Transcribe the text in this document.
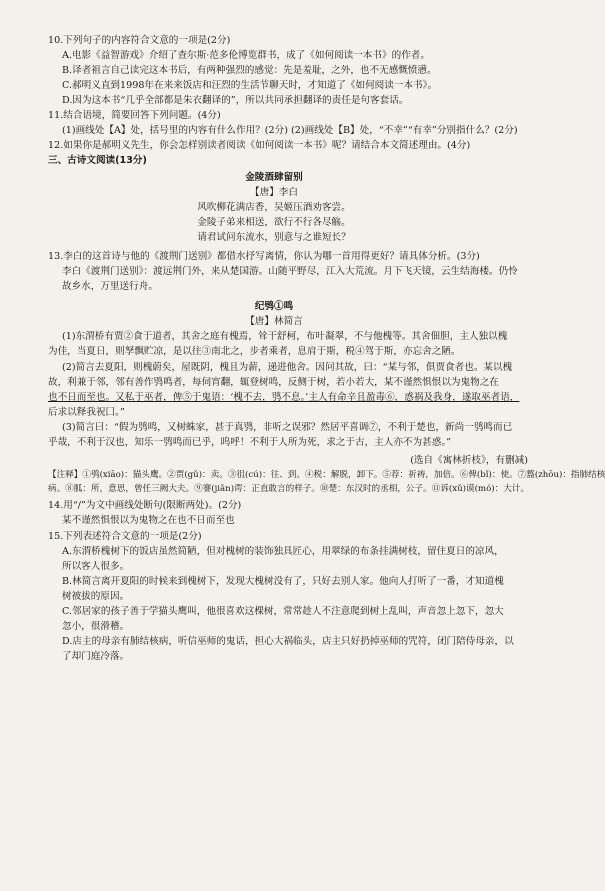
10.下列句子的内容符合文意的一项是(2分)
A.电影《益智游戏》介绍了查尔斯·范多伦博览群书，成了《如何阅读一本书》的作者。
B.译者祖言自己读完这本书后，有两种强烈的感觉：先是羞耻，之外，也不无感慨愤懑。
C.郝明义直到1998年在来来饭店和汪烈的生活节聊天时，才知道了《如何阅读一本书》。
D.因为这本书“几乎全部都是朱衣翻译的”，所以共同承担翻译的责任是句客套话。
11.结合语境，简要回答下列问题。(4分)
(1)画线处【A】处，括号里的内容有什么作用？(2分) (2)画线处【B】处，“不幸”“有幸”分别指什么？(2分)
12.如果你是郝明义先生，你会怎样别读者阅读《如何阅读一本书》呢？请结合本文简述理由。(4分)
三、古诗文阅读(13分)
金陵酒肆留别
【唐】李白
风吹柳花满店香，吴姬压酒劝客尝。
金陵子弟来相送，欲行不行各尽觞。
请君试问东流水，别意与之谁短长？
13.李白的这首诗与他的《渡荆门送别》都借水抒写离情，你认为哪一首用得更好？请具体分析。(3分)
李白《渡荆门送别》：渡远荆门外，来从楚国游。山随平野尽，江入大荒流。月下飞天镜，云生结海楼。仍怜
故乡水，万里送行舟。
纪鸮①鸣
【唐】林简言
(1)东渭桥有贾②食于道者，其舍之庭有槐焉，耸干舒柯，布叶凝翠，不与他槐等。其舍佃胆，主人独以槐
为佳，当夏日，则孥飘贮凉，是以往③南北之，步者乘者，息肩于斯，税④驾于斯，亦忘舍之陋。
(2)简言去夏阳，则槐蔚矣，屋既阴，槐且为薪，递进他舍。因问其故，曰：“某与邻，俱贾食者也。某以槐
故，利兼于邻，邻有善作鸮鸣者，每伺宵翻，辄登树鸣，反侧于树，若小若大，某不谨然惧恨以为鬼物之在
也不日而至也。又私于巫者，俾⑤于鬼语：‘槐不去，鸮不息。’主人有命辛且盈毒⑥，惑祸及我身，遂取巫者语，
后求以释我祝囗。”
(3)简言曰：“假为鸮鸣，又树蛛家，甚于真鸮，非听之误邪？然居平喜调⑦，不利于楚也，新尚一鸮鸣而已
乎哉，不利于汉也，知乐一鸮鸣而已乎，呜呼！不利于人所为死，求之于古，主人亦不为甚惑。”
(选自《寓林折枝》，有删减)
【注释】①鸮(xiāo)：猫头鹰。②贾(gǔ)：卖。③徂(cú)：往、到。④税：解脱，卸下。⑤荐：祈祷，加倍。⑥俾(bǐ)：使。⑦盩(zhōu)：指肺结核
病。⑧胍：所，意思，曾任三阙大夫。⑨謇(jiǎn)谔：正直敢言的样子。⑩楚：东汉时的丞相，公子。⑪诉(xǔ)谟(mó)：大计。
14.用“/”为文中画线处断句(限断两处)。(2分)
某不谨然惧恨以为鬼物之在也不日而至也
15.下列表述符合文意的一项是(2分)
A.东渭桥槐树下的饭店虽然简陋，但对槐树的装饰独具匠心，用翠绿的布条挂满树枝，留住夏日的凉风，
所以客人很多。
B.林简言离开夏阳的时候来到槐树下，发现大槐树没有了，只好去别人家。他向人打听了一番，才知道槐
树被拔的原因。
C.邻居家的孩子善于学猫头鹰叫，他很喜欢这棵树，常常趁人不注意爬到树上乱叫，声音忽上忽下，忽大
忽小，很滑稽。
D.店主的母亲有肺结核病，听信巫师的鬼话，担心大祸临头，店主只好扔掉巫师的咒符，闭门陪侍母亲，以
了却门庭冷落。
